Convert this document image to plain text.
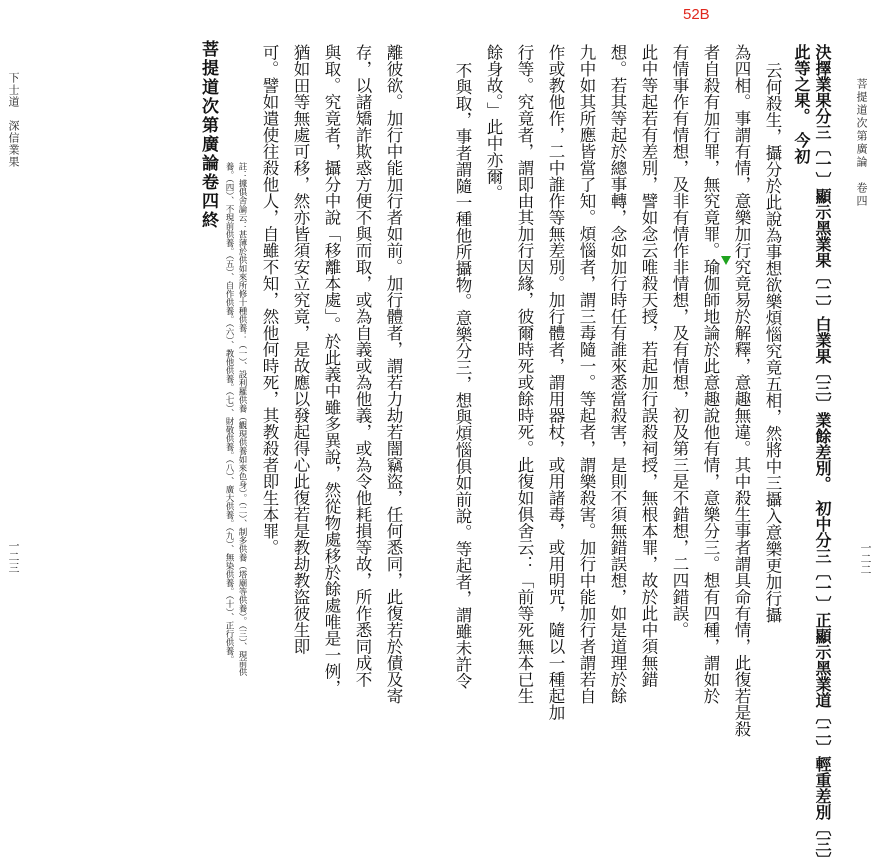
52B
菩提道次第廣論　卷四
一二二
決擇業果分三〔一〕顯示黑業果〔二〕白業果〔三〕業餘差別。　初中分三〔一〕正顯示黑業道〔二〕輕重差別〔三〕
此等之果。　今初
云何殺生，攝分於此說為事想欲樂煩惱究竟五相，然將中三攝入意樂更加行攝
為四相。事謂有情，意樂加行究竟易於解釋，意趣無違。其中殺生事者謂具命有情，此復若是殺
者自殺有加行罪，無究竟罪。瑜伽師地論於此意趣說他有情，意樂分三。想有四種，謂如於
有情事作有情想，及非有情作非情想，及有情想，初及第三是不錯想，二四錯誤。
此中等起若有差別，譬如念云唯殺天授，若起加行誤殺祠授，無根本罪，故於此中須無錯
想。若其等起於總事轉，念如加行時任有誰來悉當殺害，是則不須無錯誤想，如是道理於餘
九中如其所應皆當了知。煩惱者，謂三毒隨一。等起者，謂樂殺害。加行中能加行者謂若自
作或教他作，二中誰作等無差別。加行體者，謂用器杖，或用諸毒，或用明咒，隨以一種起加
行等。究竟者，謂即由其加行因緣，彼爾時死或餘時死。此復如俱舍云：「前等死無本已生
餘身故。」此中亦爾。
不與取，事者謂隨一種他所攝物。意樂分三，想與煩惱俱如前說。等起者，謂雖未許令
離彼欲。加行中能加行者如前。加行體者，謂若力劫若闇竊盜，任何悉同，此復若於債及寄
存，以諸矯詐欺惑方便不與而取，或為自義或為他義，或為令他耗損等故，所作悉同成不
與取。究竟者，攝分中說「移離本處」。於此義中雖多異說，然從物處移於餘處唯是一例，
猶如田等無處可移，然亦皆須安立究竟，是故應以發起得心此復若是教劫教盜彼生即
可。譬如遣使往殺他人，自雖不知，然他何時死，其教殺者即生本罪。
註：據俱舍論云：甚薄於供如來所修十種供養：（一）、設利羅供養（觀現供養如來色身）。（二）、制多供養（塔廟等供養）。（三）、現前供
養。（四）、不現前供養。（五）、自作供養。（六）、教他供養。（七）、財敬供養。（八）、廣大供養。（九）、無染供養。（十）、正行供養。
菩提道次第廣論卷四終
下士道　深信業果
一二三
